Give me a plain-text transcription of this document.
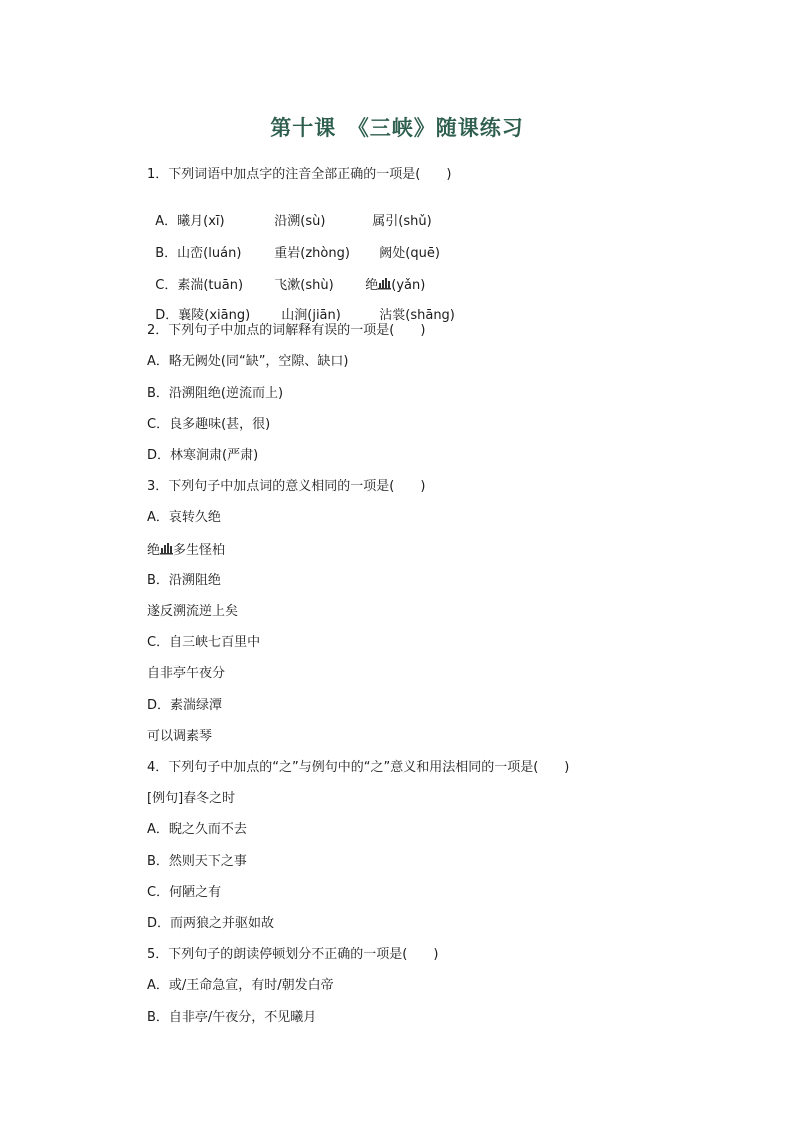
第十课　《三峡》随课练习
1．下列词语中加点字的注音全部正确的一项是(　　)

A．曦月(xī)	沿溯(sù)	属引(shǔ)

B．山峦(luán)	重岩(zhòng) 阙处(quē)

C．素湍(tuān) 飞漱(shù) 绝 (yǎn)

D．襄陵(xiāng) 山涧(jiān)	沾裳(shāng)

2．下列句子中加点的词解释有误的一项是(　　)
A．略无阙处(同“缺”，空隙、缺口)
B．沿溯阻绝(逆流而上)
C．良多趣味(甚，很)
D．林寒涧肃(严肃)
3．下列句子中加点词的意义相同的一项是(　　)
A．哀转久绝
绝 多生怪柏
B．沿溯阻绝
遂反溯流逆上矣
C．自三峡七百里中
自非亭午夜分
D．素湍绿潭
可以调素琴
4．下列句子中加点的“之”与例句中的“之”意义和用法相同的一项是(　　)
[例句]春冬之时
A．睨之久而不去
B．然则天下之事
C．何陋之有
D．而两狼之并驱如故
5．下列句子的朗读停顿划分不正确的一项是(　　)
A．或/王命急宣，有时/朝发白帝
B．自非亭/午夜分，不见曦月
